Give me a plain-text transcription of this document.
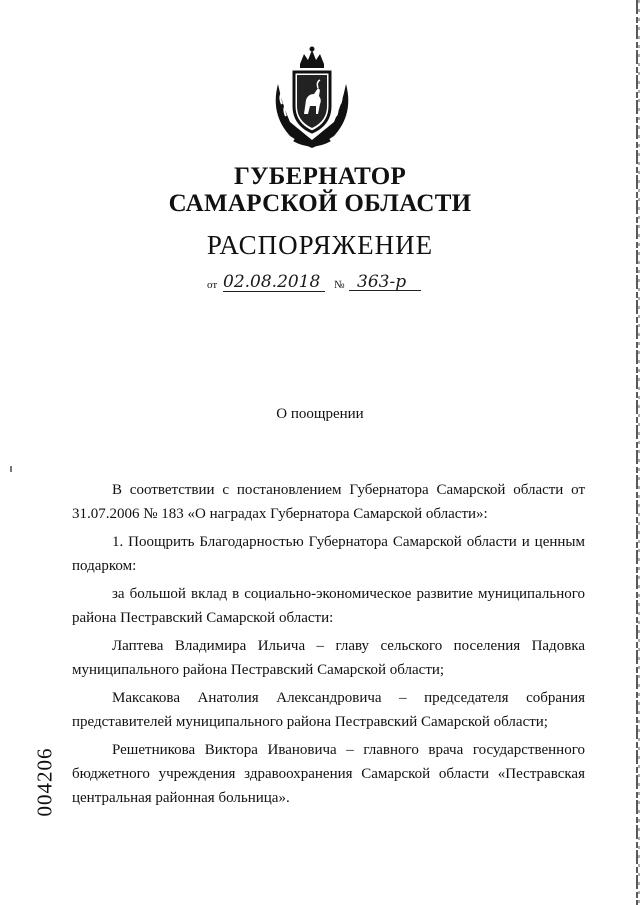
ГУБЕРНАТОР
САМАРСКОЙ ОБЛАСТИ
РАСПОРЯЖЕНИЕ
от 02.08.2018	№ 363-р
О поощрении

В соответствии с постановлением Губернатора Самарской области от 31.07.2006 № 183 «О наградах Губернатора Самарской области»:

1. Поощрить Благодарностью Губернатора Самарской области и ценным подарком:

за большой вклад в социально-экономическое развитие муниципального района Пестравский Самарской области:

Лаптева Владимира Ильича – главу сельского поселения Падовка муниципального района Пестравский Самарской области;

Максакова Анатолия Александровича – председателя собрания представителей муниципального района Пестравский Самарской области;

Решетникова Виктора Ивановича – главного врача государственного бюджетного учреждения здравоохранения Самарской области «Пестравская центральная районная больница».

004206
